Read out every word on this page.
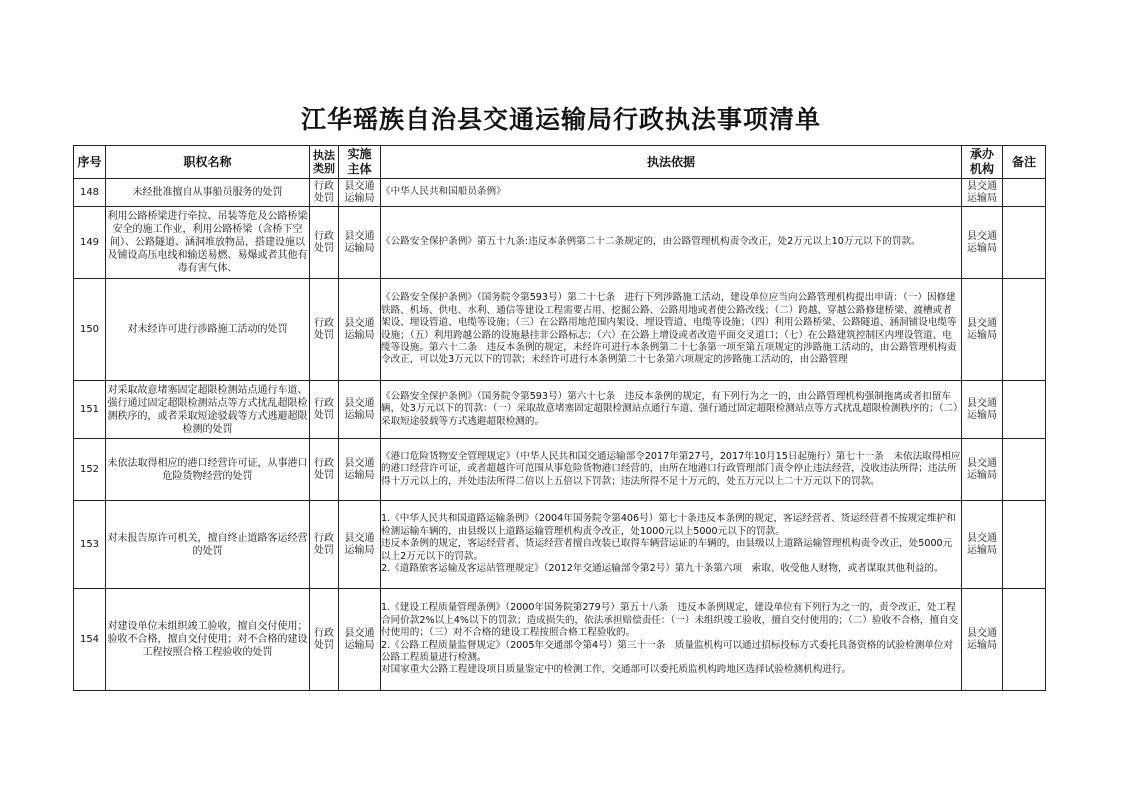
江华瑶族自治县交通运输局行政执法事项清单
序号	职权名称	执法类别	实施主体	执法依据	承办机构	备注
148	未经批准擅自从事船员服务的处罚	行政处罚	县交通运输局	《中华人民共和国船员条例》	县交通运输局	
149	利用公路桥梁进行牵拉、吊装等危及公路桥梁安全的施工作业，利用公路桥梁（含桥下空间）、公路隧道、涵洞堆放物品，搭建设施以及铺设高压电线和输送易燃、易爆或者其他有毒有害气体、	行政处罚	县交通运输局	《公路安全保护条例》第五十九条:违反本条例第二十二条规定的，由公路管理机构责令改正，处2万元以上10万元以下的罚款。	县交通运输局	
150	对未经许可进行涉路施工活动的处罚	行政处罚	县交通运输局	《公路安全保护条例》（国务院令第593号）第二十七条　进行下列涉路施工活动，建设单位应当向公路管理机构提出申请：（一）因修建铁路、机场、供电、水利、通信等建设工程需要占用、挖掘公路、公路用地或者使公路改线；（二）跨越、穿越公路修建桥梁、渡槽或者架设、埋设管道、电缆等设施；（三）在公路用地范围内架设、埋设管道、电缆等设施；（四）利用公路桥梁、公路隧道、涵洞铺设电缆等设施；（五）利用跨越公路的设施悬挂非公路标志；（六）在公路上增设或者改造平面交叉道口；（七）在公路建筑控制区内埋设管道、电缆等设施。第六十二条　违反本条例的规定，未经许可进行本条例第二十七条第一项至第五项规定的涉路施工活动的，由公路管理机构责令改正，可以处3万元以下的罚款；未经许可进行本条例第二十七条第六项规定的涉路施工活动的，由公路管理	县交通运输局	
151	对采取故意堵塞固定超限检测站点通行车道、强行通过固定超限检测站点等方式扰乱超限检测秩序的，或者采取短途驳载等方式逃避超限检测的处罚	行政处罚	县交通运输局	《公路安全保护条例》（国务院令第593号）第六十七条　违反本条例的规定，有下列行为之一的，由公路管理机构强制拖离或者扣留车辆，处3万元以下的罚款：（一）采取故意堵塞固定超限检测站点通行车道、强行通过固定超限检测站点等方式扰乱超限检测秩序的；（二）采取短途驳载等方式逃避超限检测的。	县交通运输局	
152	未依法取得相应的港口经营许可证，从事港口危险货物经营的处罚	行政处罚	县交通运输局	《港口危险货物安全管理规定》（中华人民共和国交通运输部令2017年第27号，2017年10月15日起施行）第七十一条　未依法取得相应的港口经营许可证，或者超越许可范围从事危险货物港口经营的，由所在地港口行政管理部门责令停止违法经营，没收违法所得；违法所得十万元以上的，并处违法所得二倍以上五倍以下罚款；违法所得不足十万元的，处五万元以上二十万元以下的罚款。	县交通运输局	
153	对未报告原许可机关，擅自终止道路客运经营的处罚	行政处罚	县交通运输局	1.《中华人民共和国道路运输条例》（2004年国务院令第406号）第七十条违反本条例的规定，客运经营者、货运经营者不按规定维护和检测运输车辆的，由县级以上道路运输管理机构责令改正，处1000元以上5000元以下的罚款。

违反本条例的规定，客运经营者、货运经营者擅自改装已取得车辆营运证的车辆的，由县级以上道路运输管理机构责令改正，处5000元以上2万元以下的罚款。

2.《道路旅客运输及客运站管理规定》（2012年交通运输部令第2号）第九十条第六项　索取、收受他人财物，或者谋取其他利益的。	县交通运输局	
154	对建设单位未组织竣工验收，擅自交付使用；验收不合格，擅自交付使用；对不合格的建设工程按照合格工程验收的处罚	行政处罚	县交通运输局	1.《建设工程质量管理条例》（2000年国务院第279号）第五十八条　违反本条例规定，建设单位有下列行为之一的，责令改正，处工程合同价款2%以上4%以下的罚款；造成损失的，依法承担赔偿责任：（一）未组织竣工验收，擅自交付使用的；（二）验收不合格，擅自交付使用的；（三）对不合格的建设工程按照合格工程验收的。

2.《公路工程质量监督规定》（2005年交通部令第4号）第三十一条　质量监机构可以通过招标投标方式委托具备资格的试验检测单位对公路工程质量进行检测。

对国家重大公路工程建设项目质量鉴定中的检测工作，交通部可以委托质监机构跨地区选择试验检测机构进行。	县交通运输局	
